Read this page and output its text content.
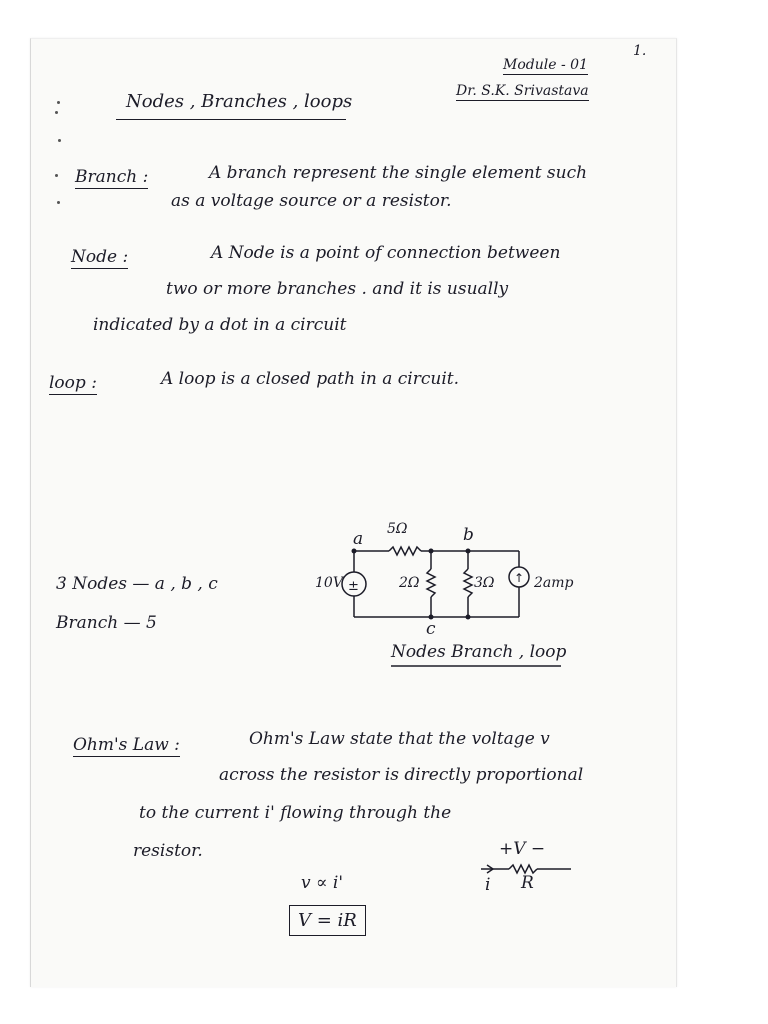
1.
Module - 01
Dr. S.K. Srivastava
Nodes , Branches , loops
Branch :	A branch represent the single element such
as a voltage source or a resistor.
Node :	A Node is a point of connection between
two or more branches . and it is usually
indicated by a dot in a circuit
loop :	A loop is a closed path in a circuit.
±
↑
a 5Ω	b
10V	2Ω	3Ω	2amp
c
Nodes Branch , loop
3 Nodes — a , b , c
Branch — 5
Ohm's Law :	Ohm's Law state that the voltage v
across the resistor is directly proportional
to the current i' flowing through the
resistor.	+V −
i R
v ∝ i'
V = iR
